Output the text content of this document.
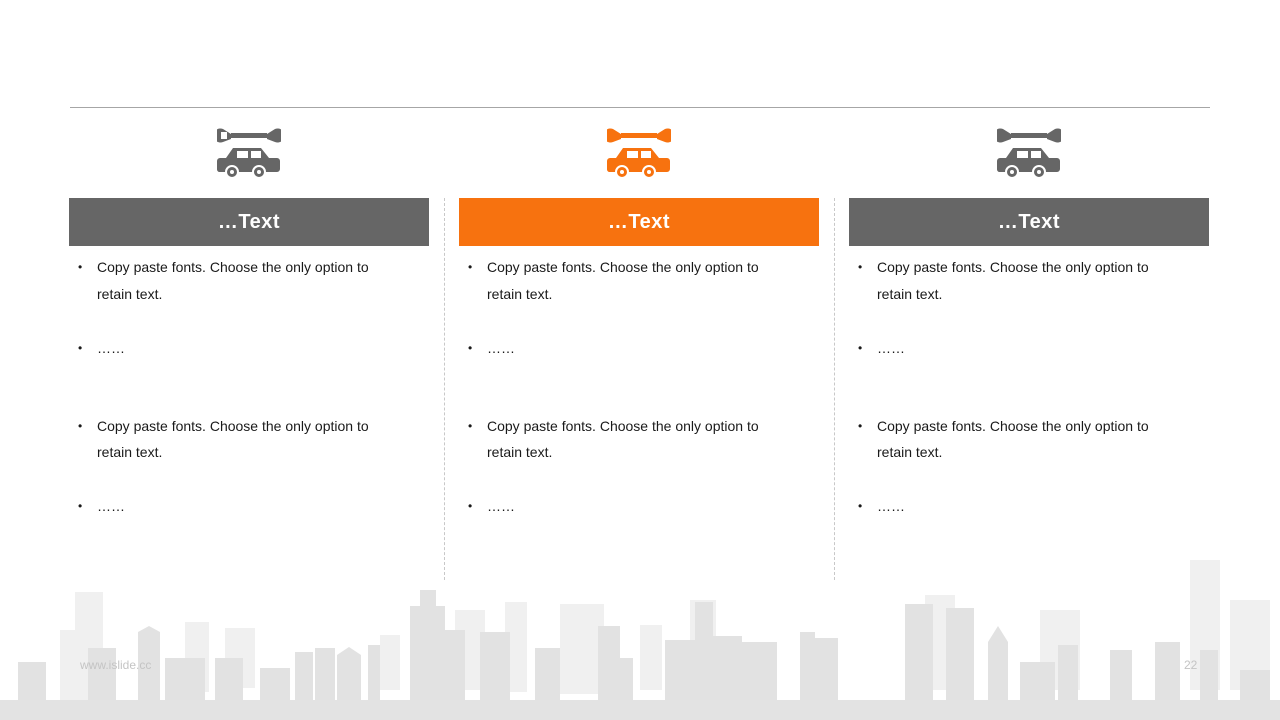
…Text
• Copy paste fonts. Choose the only option to retain text.
• ……
• Copy paste fonts. Choose the only option to retain text.
• ……
…Text
• Copy paste fonts. Choose the only option to retain text.
• ……
• Copy paste fonts. Choose the only option to retain text.
• ……
…Text
• Copy paste fonts. Choose the only option to retain text.
• ……
• Copy paste fonts. Choose the only option to retain text.
• ……
www.islide.cc	22
